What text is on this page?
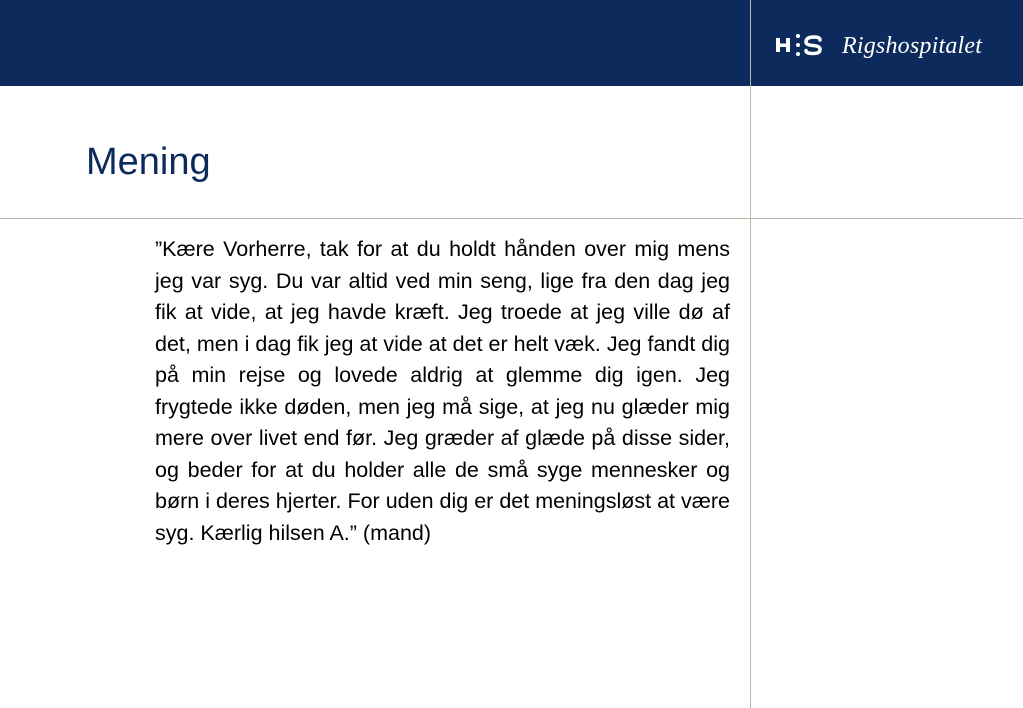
Rigshospitalet
Mening

”Kære Vorherre, tak for at du holdt hånden over mig mens jeg var syg. Du var altid ved min seng, lige fra den dag jeg fik at vide, at jeg havde kræft. Jeg troede at jeg ville dø af det, men i dag fik jeg at vide at det er helt væk. Jeg fandt dig på min rejse og lovede aldrig at glemme dig igen. Jeg frygtede ikke døden, men jeg må sige, at jeg nu glæder mig mere over livet end før. Jeg græder af glæde på disse sider, og beder for at du holder alle de små syge mennesker og børn i deres hjerter. For uden dig er det meningsløst at være syg. Kærlig hilsen A.” (mand)
